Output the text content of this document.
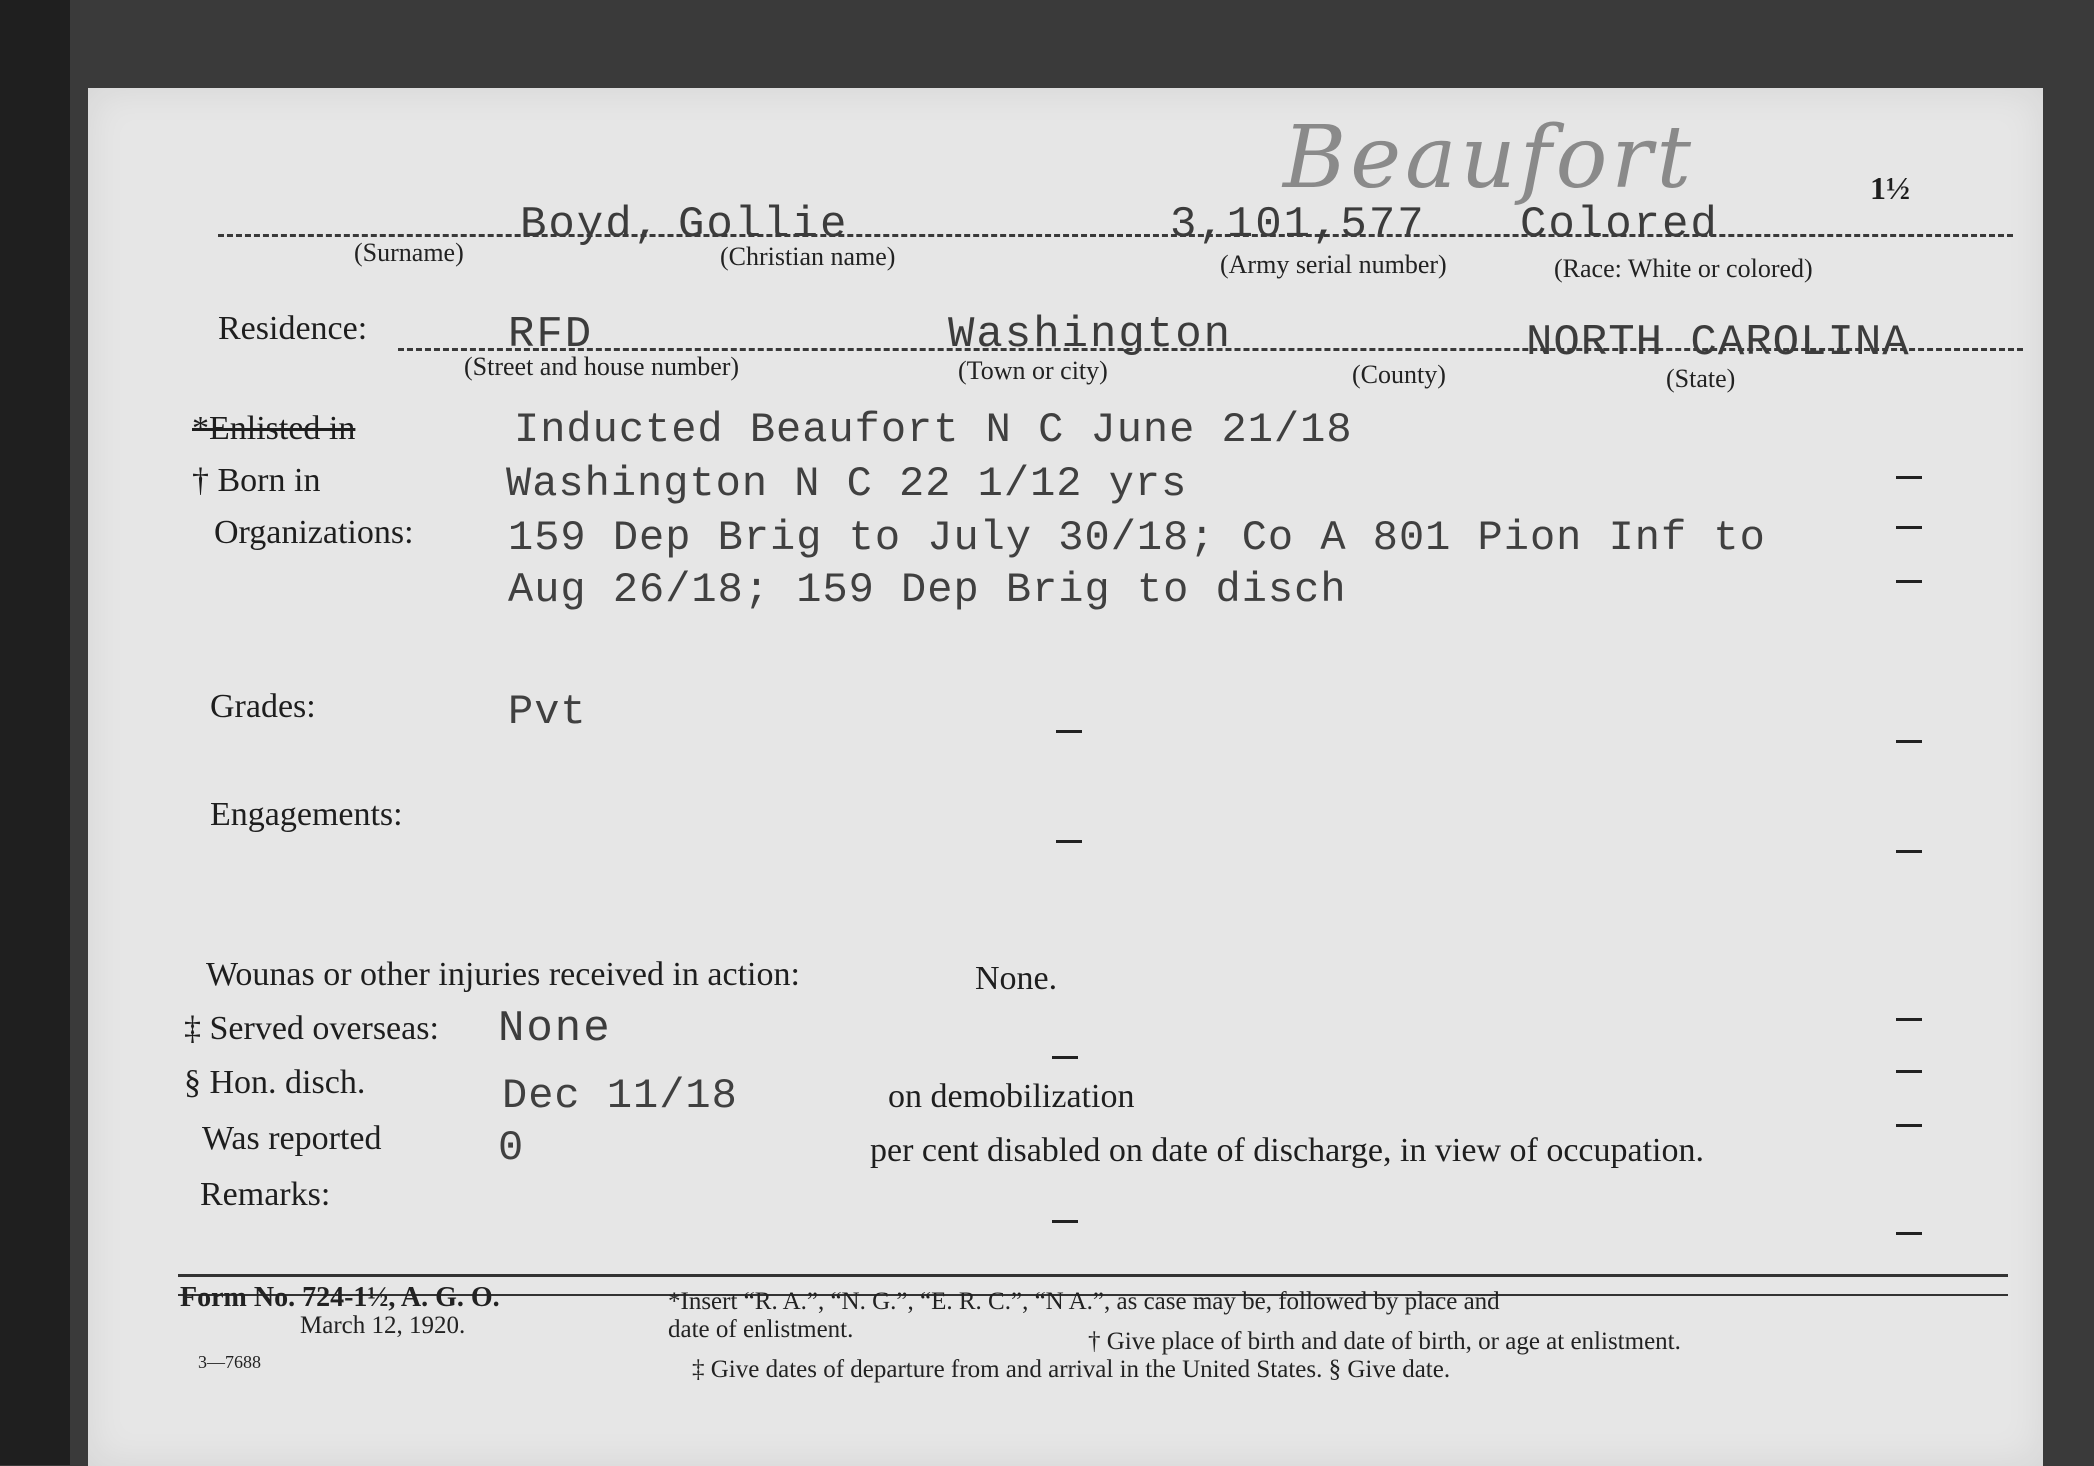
Beaufort	1½
Boyd, Gollie	3,101,577 Colored
(Surname)	(Christian name)	(Army serial number)	(Race: White or colored)
Residence:	RFD	Washington	NORTH CAROLINA
(Street and house number)	(Town or city)	(County)	(State)
*Enlisted in	Inducted Beaufort N C June 21/18
† Born in	Washington N C 22 1/12 yrs
Organizations: 159 Dep Brig to July 30/18; Co A 801 Pion Inf to
Aug 26/18; 159 Dep Brig to disch
Grades:	Pvt
Engagements:
Wounas or other injuries received in action:	None.
‡ Served overseas: None
§ Hon. disch.	Dec 11/18	on demobilization
Was reported	0	per cent disabled on date of discharge, in view of occupation.
Remarks:
Form No. 724-1½, A. G. O.
March 12, 1920.
3—7688
*Insert “R. A.”, “N. G.”, “E. R. C.”, “N A.”, as case may be, followed by place and
date of enlistment.	† Give place of birth and date of birth, or age at enlistment.
‡ Give dates of departure from and arrival in the United States. § Give date.
